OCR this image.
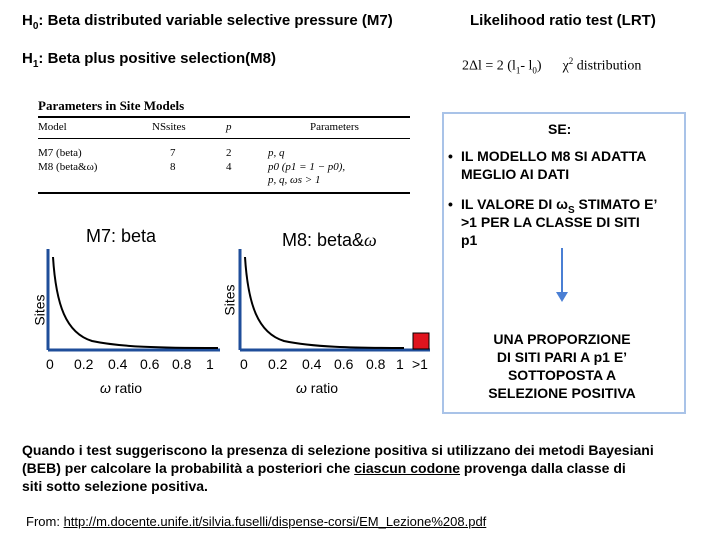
$H_0$: Beta distributed variable selective pressure (M7)
$H_1$: Beta plus positive selection(M8)
Likelihood ratio test (LRT)
2Δl = 2 ($l_1-$ $l_0$) $\chi^2$ distribution
Parameters in Site Models
Model	NSsites	p	Parameters
M7 (beta)	7	2	p, q
M8 (beta&ω)	8	4	p0 (p1 = 1 − p0),
p, q, ωs > 1
SE:
• IL MODELLO M8 SI ADATTA
MEGLIO AI DATI
• IL VALORE DI $\omega_S$ STIMATO E’
>1 PER LA CLASSE DI SITI
p1
UNA PROPORZIONE
DI SITI PARI A p1 E’
SOTTOPOSTA A
SELEZIONE POSITIVA
M7: beta
Sites
0 0.2 0.4 0.6 0.8 1
ω ratio
M8: beta&ω
Sites
0 0.2 0.4 0.6 0.8 1 >1
ω ratio
Quando i test suggeriscono la presenza di selezione positiva si utilizzano dei metodi Bayesiani
(BEB) per calcolare la probabilità a posteriori che ciascun codone provenga dalla classe di
siti sotto selezione positiva.
From: http://m.docente.unife.it/silvia.fuselli/dispense-corsi/EM_Lezione%208.pdf
